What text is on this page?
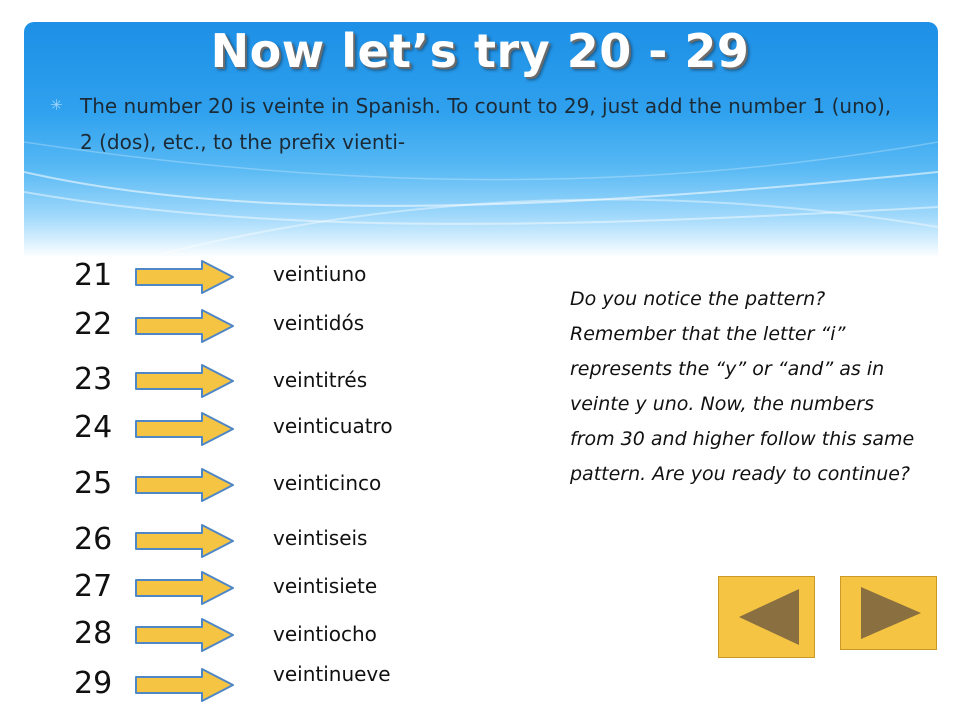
Now let’s try 20 - 29
✳ The number 20 is veinte in Spanish. To count to 29, just add the number 1 (uno), 2 (dos), etc., to the prefix vienti-
21	veintiuno
22	veintidós
23	veintitrés
24	veinticuatro
25	veinticinco
26	veintiseis
27	veintisiete
28	veintiocho
29	veintinueve
Do you notice the pattern? Remember that the letter “i” represents the “y” or “and” as in veinte y uno. Now, the numbers from 30 and higher follow this same pattern. Are you ready to continue?
